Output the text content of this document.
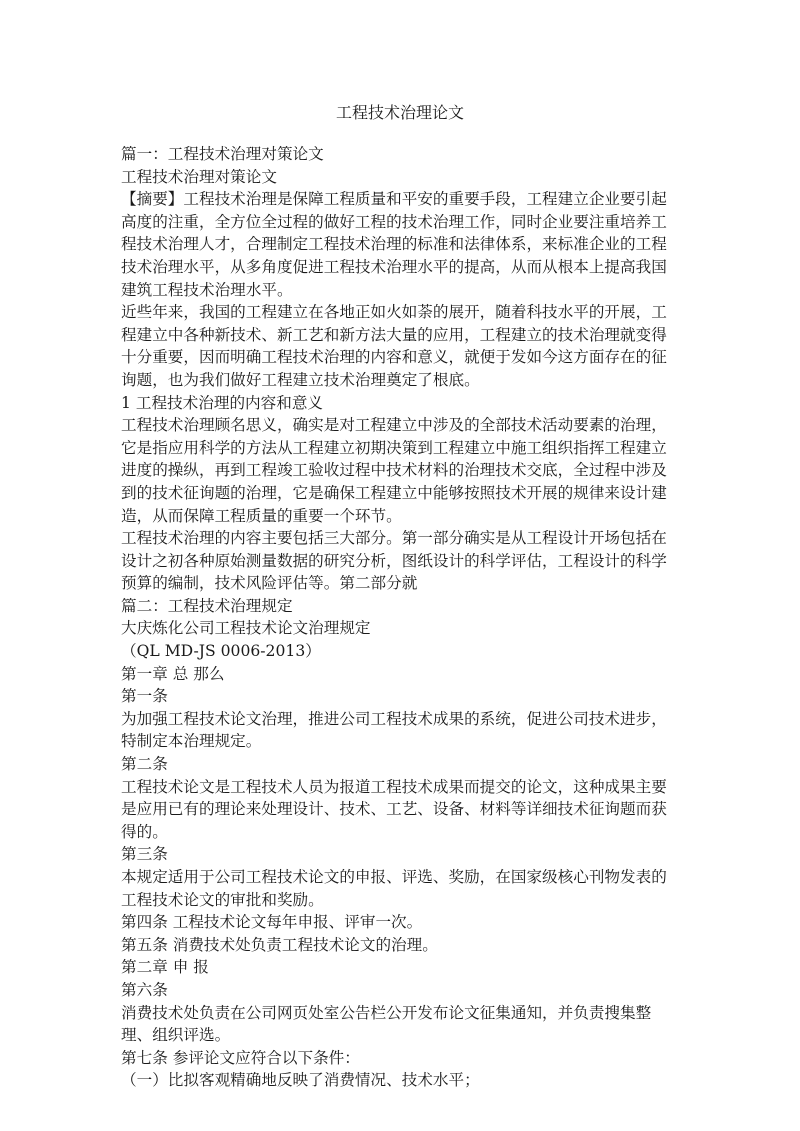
工程技术治理论文

篇一：工程技术治理对策论文

工程技术治理对策论文

【摘要】工程技术治理是保障工程质量和平安的重要手段，工程建立企业要引起高度的注重，全方位全过程的做好工程的技术治理工作，同时企业要注重培养工程技术治理人才，合理制定工程技术治理的标准和法律体系，来标准企业的工程技术治理水平，从多角度促进工程技术治理水平的提高，从而从根本上提高我国建筑工程技术治理水平。

近些年来，我国的工程建立在各地正如火如荼的展开，随着科技水平的开展，工程建立中各种新技术、新工艺和新方法大量的应用，工程建立的技术治理就变得十分重要，因而明确工程技术治理的内容和意义，就便于发如今这方面存在的征询题，也为我们做好工程建立技术治理奠定了根底。

1 工程技术治理的内容和意义

工程技术治理顾名思义，确实是对工程建立中涉及的全部技术活动要素的治理，它是指应用科学的方法从工程建立初期决策到工程建立中施工组织指挥工程建立进度的操纵，再到工程竣工验收过程中技术材料的治理技术交底，全过程中涉及到的技术征询题的治理，它是确保工程建立中能够按照技术开展的规律来设计建造，从而保障工程质量的重要一个环节。

工程技术治理的内容主要包括三大部分。第一部分确实是从工程设计开场包括在设计之初各种原始测量数据的研究分析，图纸设计的科学评估，工程设计的科学预算的编制，技术风险评估等。第二部分就

篇二：工程技术治理规定

大庆炼化公司工程技术论文治理规定

（QL MD-JS 0006-2013）

第一章 总 那么

第一条

为加强工程技术论文治理，推进公司工程技术成果的系统，促进公司技术进步，特制定本治理规定。

第二条

工程技术论文是工程技术人员为报道工程技术成果而提交的论文，这种成果主要是应用已有的理论来处理设计、技术、工艺、设备、材料等详细技术征询题而获得的。

第三条

本规定适用于公司工程技术论文的申报、评选、奖励，在国家级核心刊物发表的工程技术论文的审批和奖励。

第四条 工程技术论文每年申报、评审一次。

第五条 消费技术处负责工程技术论文的治理。

第二章 申 报

第六条

消费技术处负责在公司网页处室公告栏公开发布论文征集通知，并负责搜集整理、组织评选。

第七条 参评论文应符合以下条件：

（一）比拟客观精确地反映了消费情况、技术水平；
